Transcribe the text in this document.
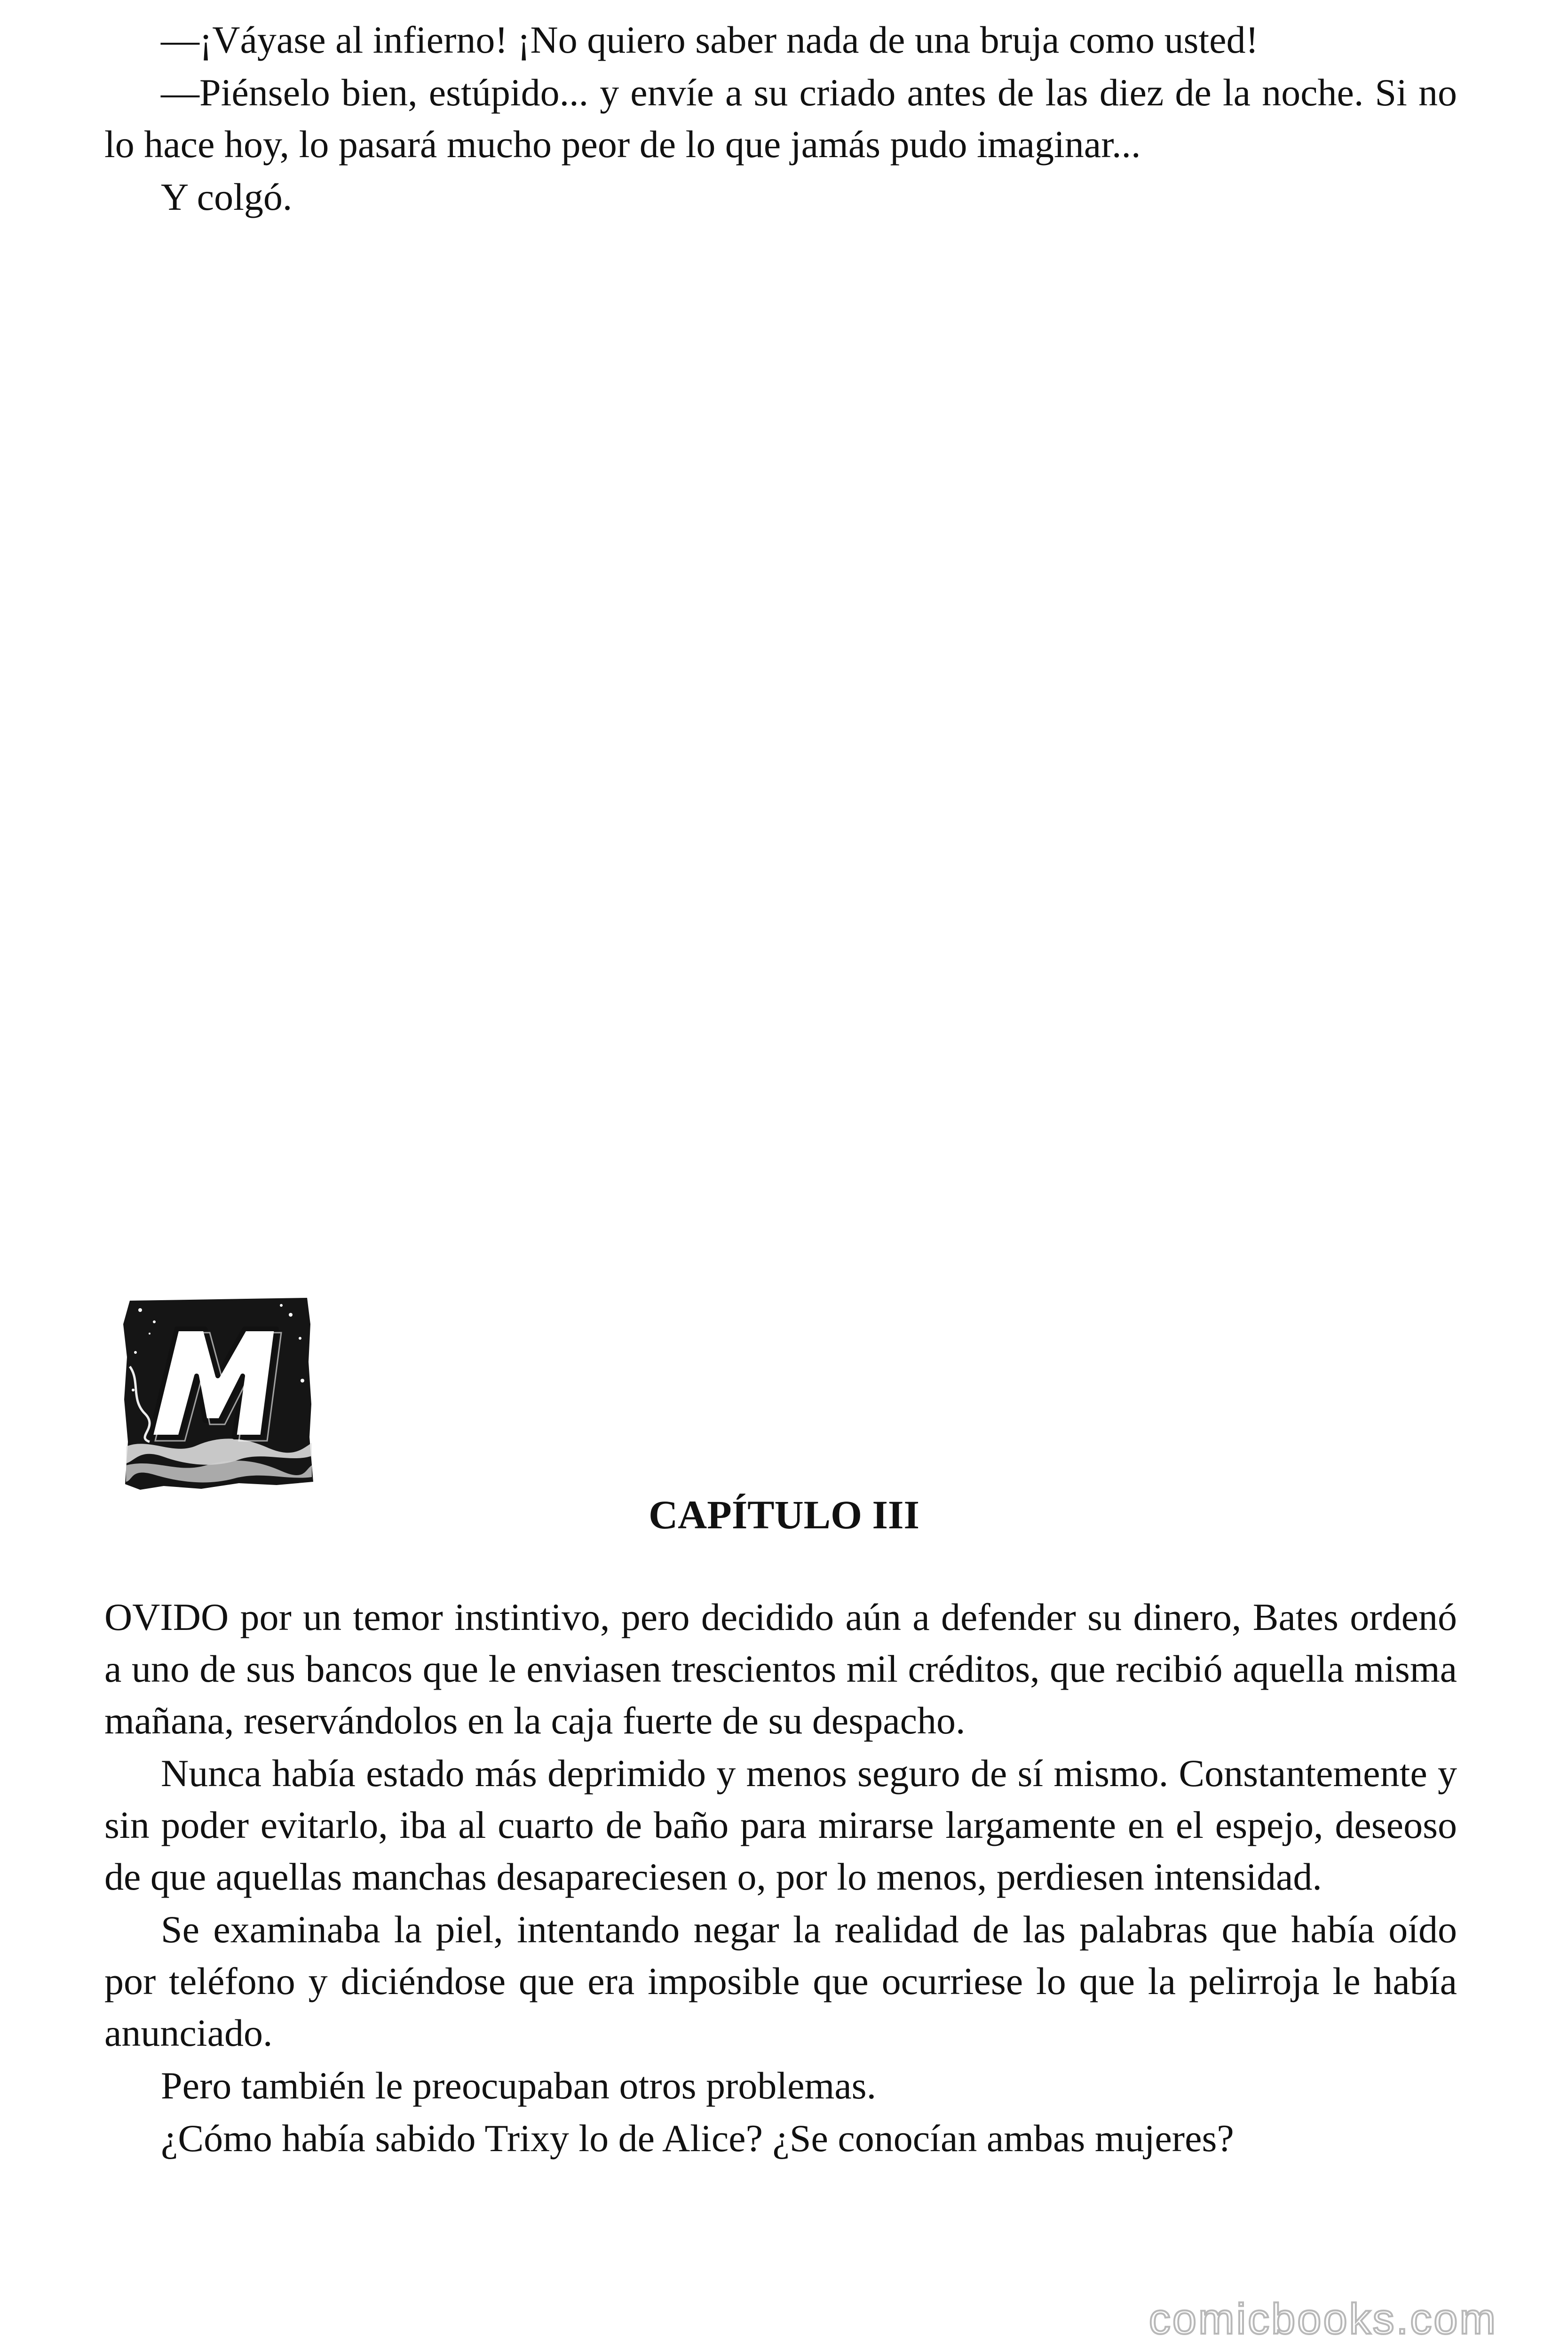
—¡Váyase al infierno! ¡No quiero saber nada de una bruja como usted!

—Piénselo bien, estúpido... y envíe a su criado antes de las diez de la noche. Si no lo hace hoy, lo pasará mucho peor de lo que jamás pudo imaginar...

Y colgó.

CAPÍTULO III

OVIDO por un temor instintivo, pero decidido aún a defender su dinero, Bates ordenó a uno de sus bancos que le enviasen trescientos mil créditos, que recibió aquella misma mañana, reservándolos en la caja fuerte de su despacho.

Nunca había estado más deprimido y menos seguro de sí mismo. Constantemente y sin poder evitarlo, iba al cuarto de baño para mirarse largamente en el espejo, deseoso de que aquellas manchas desapareciesen o, por lo menos, perdiesen intensidad.

Se examinaba la piel, intentando negar la realidad de las palabras que había oído por teléfono y diciéndose que era imposible que ocurriese lo que la pelirroja le había anunciado.

Pero también le preocupaban otros problemas.

¿Cómo había sabido Trixy lo de Alice? ¿Se conocían ambas mujeres?

comicbooks.com
